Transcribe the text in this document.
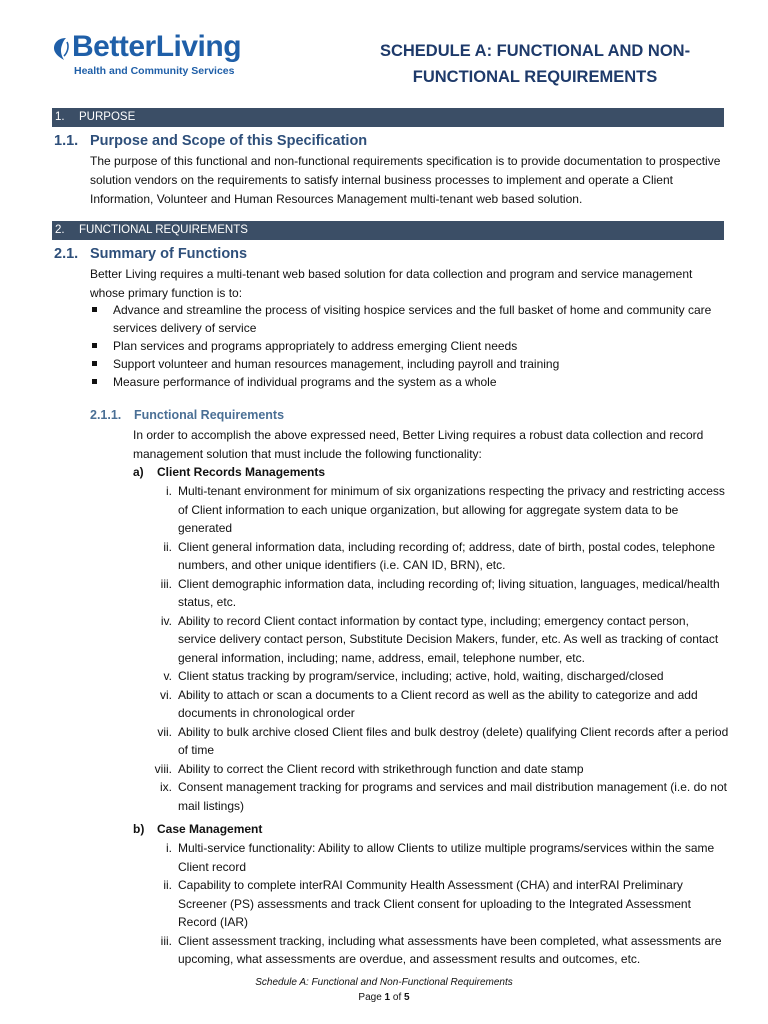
BetterLiving
Health and Community Services
SCHEDULE A: FUNCTIONAL AND NON-
FUNCTIONAL REQUIREMENTS
1. PURPOSE
1.1. Purpose and Scope of this Specification
The purpose of this functional and non-functional requirements specification is to provide documentation to prospective solution vendors on the requirements to satisfy internal business processes to implement and operate a Client Information, Volunteer and Human Resources Management multi-tenant web based solution.
2. FUNCTIONAL REQUIREMENTS
2.1. Summary of Functions
Better Living requires a multi-tenant web based solution for data collection and program and service management whose primary function is to:
Advance and streamline the process of visiting hospice services and the full basket of home and community care services delivery of service
Plan services and programs appropriately to address emerging Client needs
Support volunteer and human resources management, including payroll and training
Measure performance of individual programs and the system as a whole
2.1.1. Functional Requirements
In order to accomplish the above expressed need, Better Living requires a robust data collection and record management solution that must include the following functionality:
a) Client Records Managements
i. Multi-tenant environment for minimum of six organizations respecting the privacy and restricting access of Client information to each unique organization, but allowing for aggregate system data to be generated
ii. Client general information data, including recording of; address, date of birth, postal codes, telephone numbers, and other unique identifiers (i.e. CAN ID, BRN), etc.
iii. Client demographic information data, including recording of; living situation, languages, medical/health status, etc.
iv. Ability to record Client contact information by contact type, including; emergency contact person, service delivery contact person, Substitute Decision Makers, funder, etc. As well as tracking of contact general information, including; name, address, email, telephone number, etc.
v. Client status tracking by program/service, including; active, hold, waiting, discharged/closed
vi. Ability to attach or scan a documents to a Client record as well as the ability to categorize and add documents in chronological order
vii. Ability to bulk archive closed Client files and bulk destroy (delete) qualifying Client records after a period of time
viii. Ability to correct the Client record with strikethrough function and date stamp
ix. Consent management tracking for programs and services and mail distribution management (i.e. do not mail listings)
b) Case Management
i. Multi-service functionality: Ability to allow Clients to utilize multiple programs/services within the same Client record
ii. Capability to complete interRAI Community Health Assessment (CHA) and interRAI Preliminary Screener (PS) assessments and track Client consent for uploading to the Integrated Assessment Record (IAR)
iii. Client assessment tracking, including what assessments have been completed, what assessments are upcoming, what assessments are overdue, and assessment results and outcomes, etc.
Schedule A: Functional and Non-Functional Requirements
Page 1 of 5
